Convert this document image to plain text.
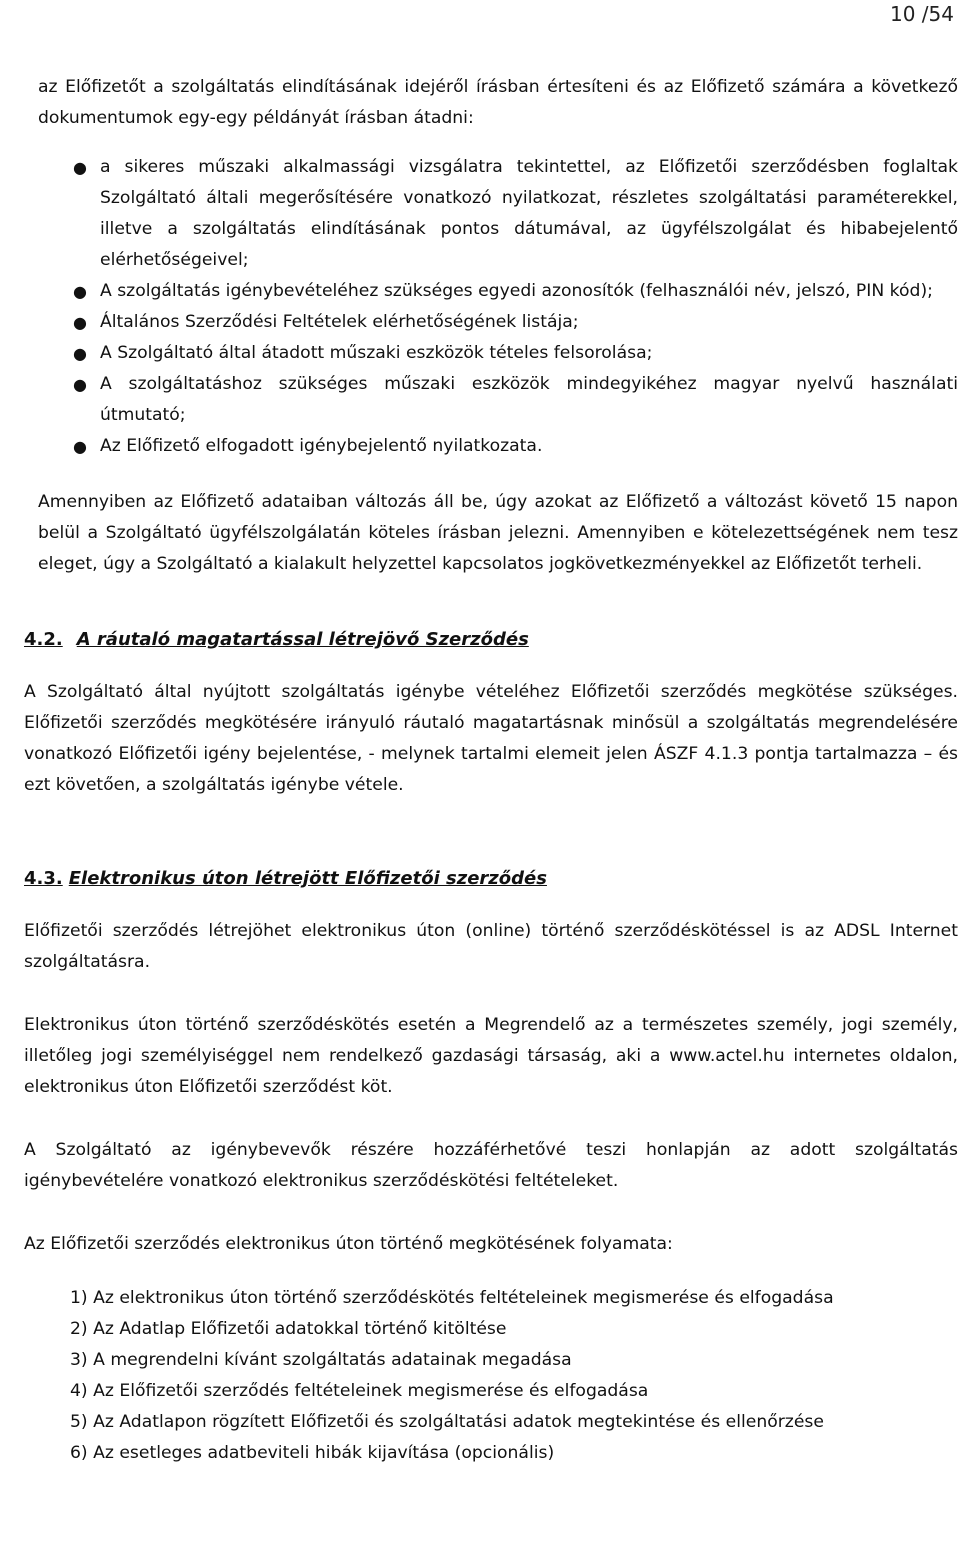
10 /54

az Előfizetőt a szolgáltatás elindításának idejéről írásban értesíteni és az Előfizető számára a következő dokumentumok egy-egy példányát írásban átadni:

● a sikeres műszaki alkalmassági vizsgálatra tekintettel, az Előfizetői szerződésben foglaltak Szolgáltató általi megerősítésére vonatkozó nyilatkozat, részletes szolgáltatási paraméterekkel, illetve a szolgáltatás elindításának pontos dátumával, az ügyfélszolgálat és hibabejelentő elérhetőségeivel;
● A szolgáltatás igénybevételéhez szükséges egyedi azonosítók (felhasználói név, jelszó, PIN kód);
● Általános Szerződési Feltételek elérhetőségének listája;
● A Szolgáltató által átadott műszaki eszközök tételes felsorolása;
● A szolgáltatáshoz szükséges műszaki eszközök mindegyikéhez magyar nyelvű használati útmutató;
● Az Előfizető elfogadott igénybejelentő nyilatkozata.

Amennyiben az Előfizető adataiban változás áll be, úgy azokat az Előfizető a változást követő 15 napon belül a Szolgáltató ügyfélszolgálatán köteles írásban jelezni. Amennyiben e kötelezettségének nem tesz eleget, úgy a Szolgáltató a kialakult helyzettel kapcsolatos jogkövetkezményekkel az Előfizetőt terheli.

4.2. A ráutaló magatartással létrejövő Szerződés

A Szolgáltató által nyújtott szolgáltatás igénybe vételéhez Előfizetői szerződés megkötése szükséges. Előfizetői szerződés megkötésére irányuló ráutaló magatartásnak minősül a szolgáltatás megrendelésére vonatkozó Előfizetői igény bejelentése, - melynek tartalmi elemeit jelen ÁSZF 4.1.3 pontja tartalmazza – és ezt követően, a szolgáltatás igénybe vétele.

4.3. Elektronikus úton létrejött Előfizetői szerződés

Előfizetői szerződés létrejöhet elektronikus úton (online) történő szerződéskötéssel is az ADSL Internet szolgáltatásra.

Elektronikus úton történő szerződéskötés esetén a Megrendelő az a természetes személy, jogi személy, illetőleg jogi személyiséggel nem rendelkező gazdasági társaság, aki a www.actel.hu internetes oldalon, elektronikus úton Előfizetői szerződést köt.

A Szolgáltató az igénybevevők részére hozzáférhetővé teszi honlapján az adott szolgáltatás igénybevételére vonatkozó elektronikus szerződéskötési feltételeket.

Az Előfizetői szerződés elektronikus úton történő megkötésének folyamata:

1) Az elektronikus úton történő szerződéskötés feltételeinek megismerése és elfogadása
2) Az Adatlap Előfizetői adatokkal történő kitöltése
3) A megrendelni kívánt szolgáltatás adatainak megadása
4) Az Előfizetői szerződés feltételeinek megismerése és elfogadása
5) Az Adatlapon rögzített Előfizetői és szolgáltatási adatok megtekintése és ellenőrzése
6) Az esetleges adatbeviteli hibák kijavítása (opcionális)
